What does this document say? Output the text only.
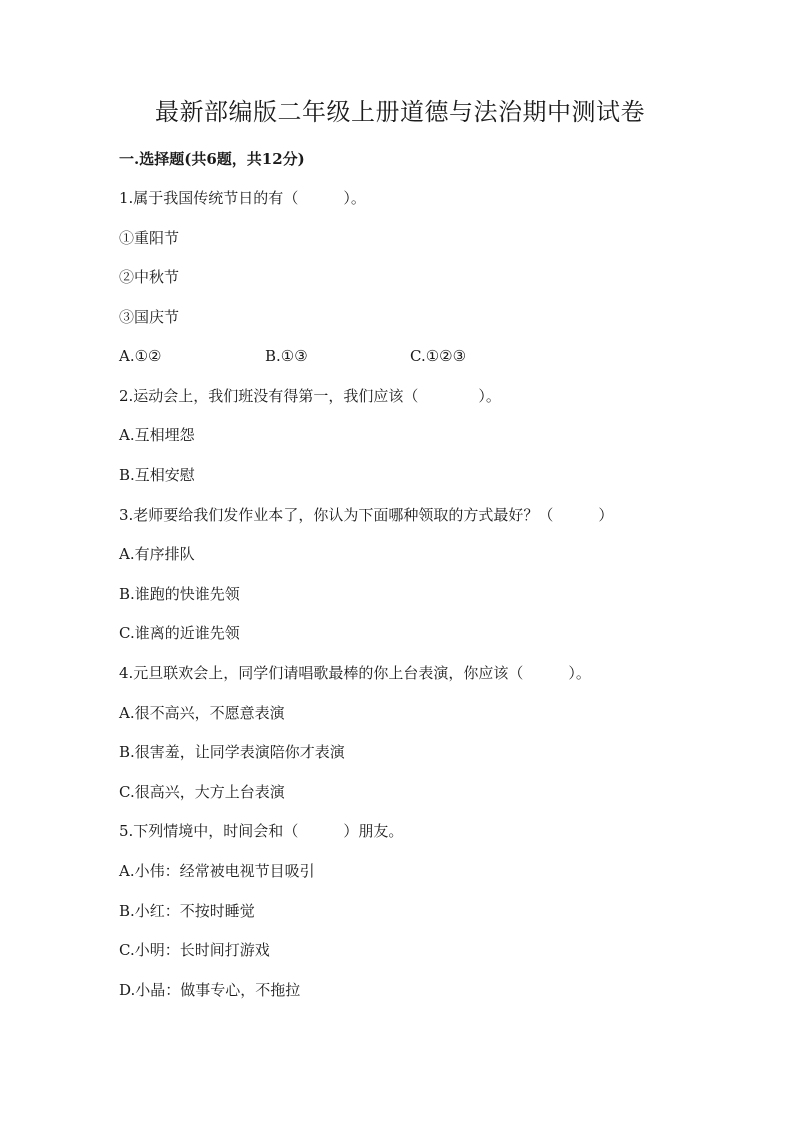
最新部编版二年级上册道德与法治期中测试卷
一.选择题(共6题，共12分)
1.属于我国传统节日的有（　　　）。
①重阳节
②中秋节
③国庆节
A.①②	B.①③	C.①②③
2.运动会上，我们班没有得第一，我们应该（　　　　）。
A.互相埋怨
B.互相安慰
3.老师要给我们发作业本了，你认为下面哪种领取的方式最好？（　　　）
A.有序排队
B.谁跑的快谁先领
C.谁离的近谁先领
4.元旦联欢会上，同学们请唱歌最棒的你上台表演，你应该（　　　）。
A.很不高兴，不愿意表演
B.很害羞，让同学表演陪你才表演
C.很高兴，大方上台表演
5.下列情境中，时间会和（　　　）朋友。
A.小伟：经常被电视节目吸引
B.小红：不按时睡觉
C.小明：长时间打游戏
D.小晶：做事专心，不拖拉
